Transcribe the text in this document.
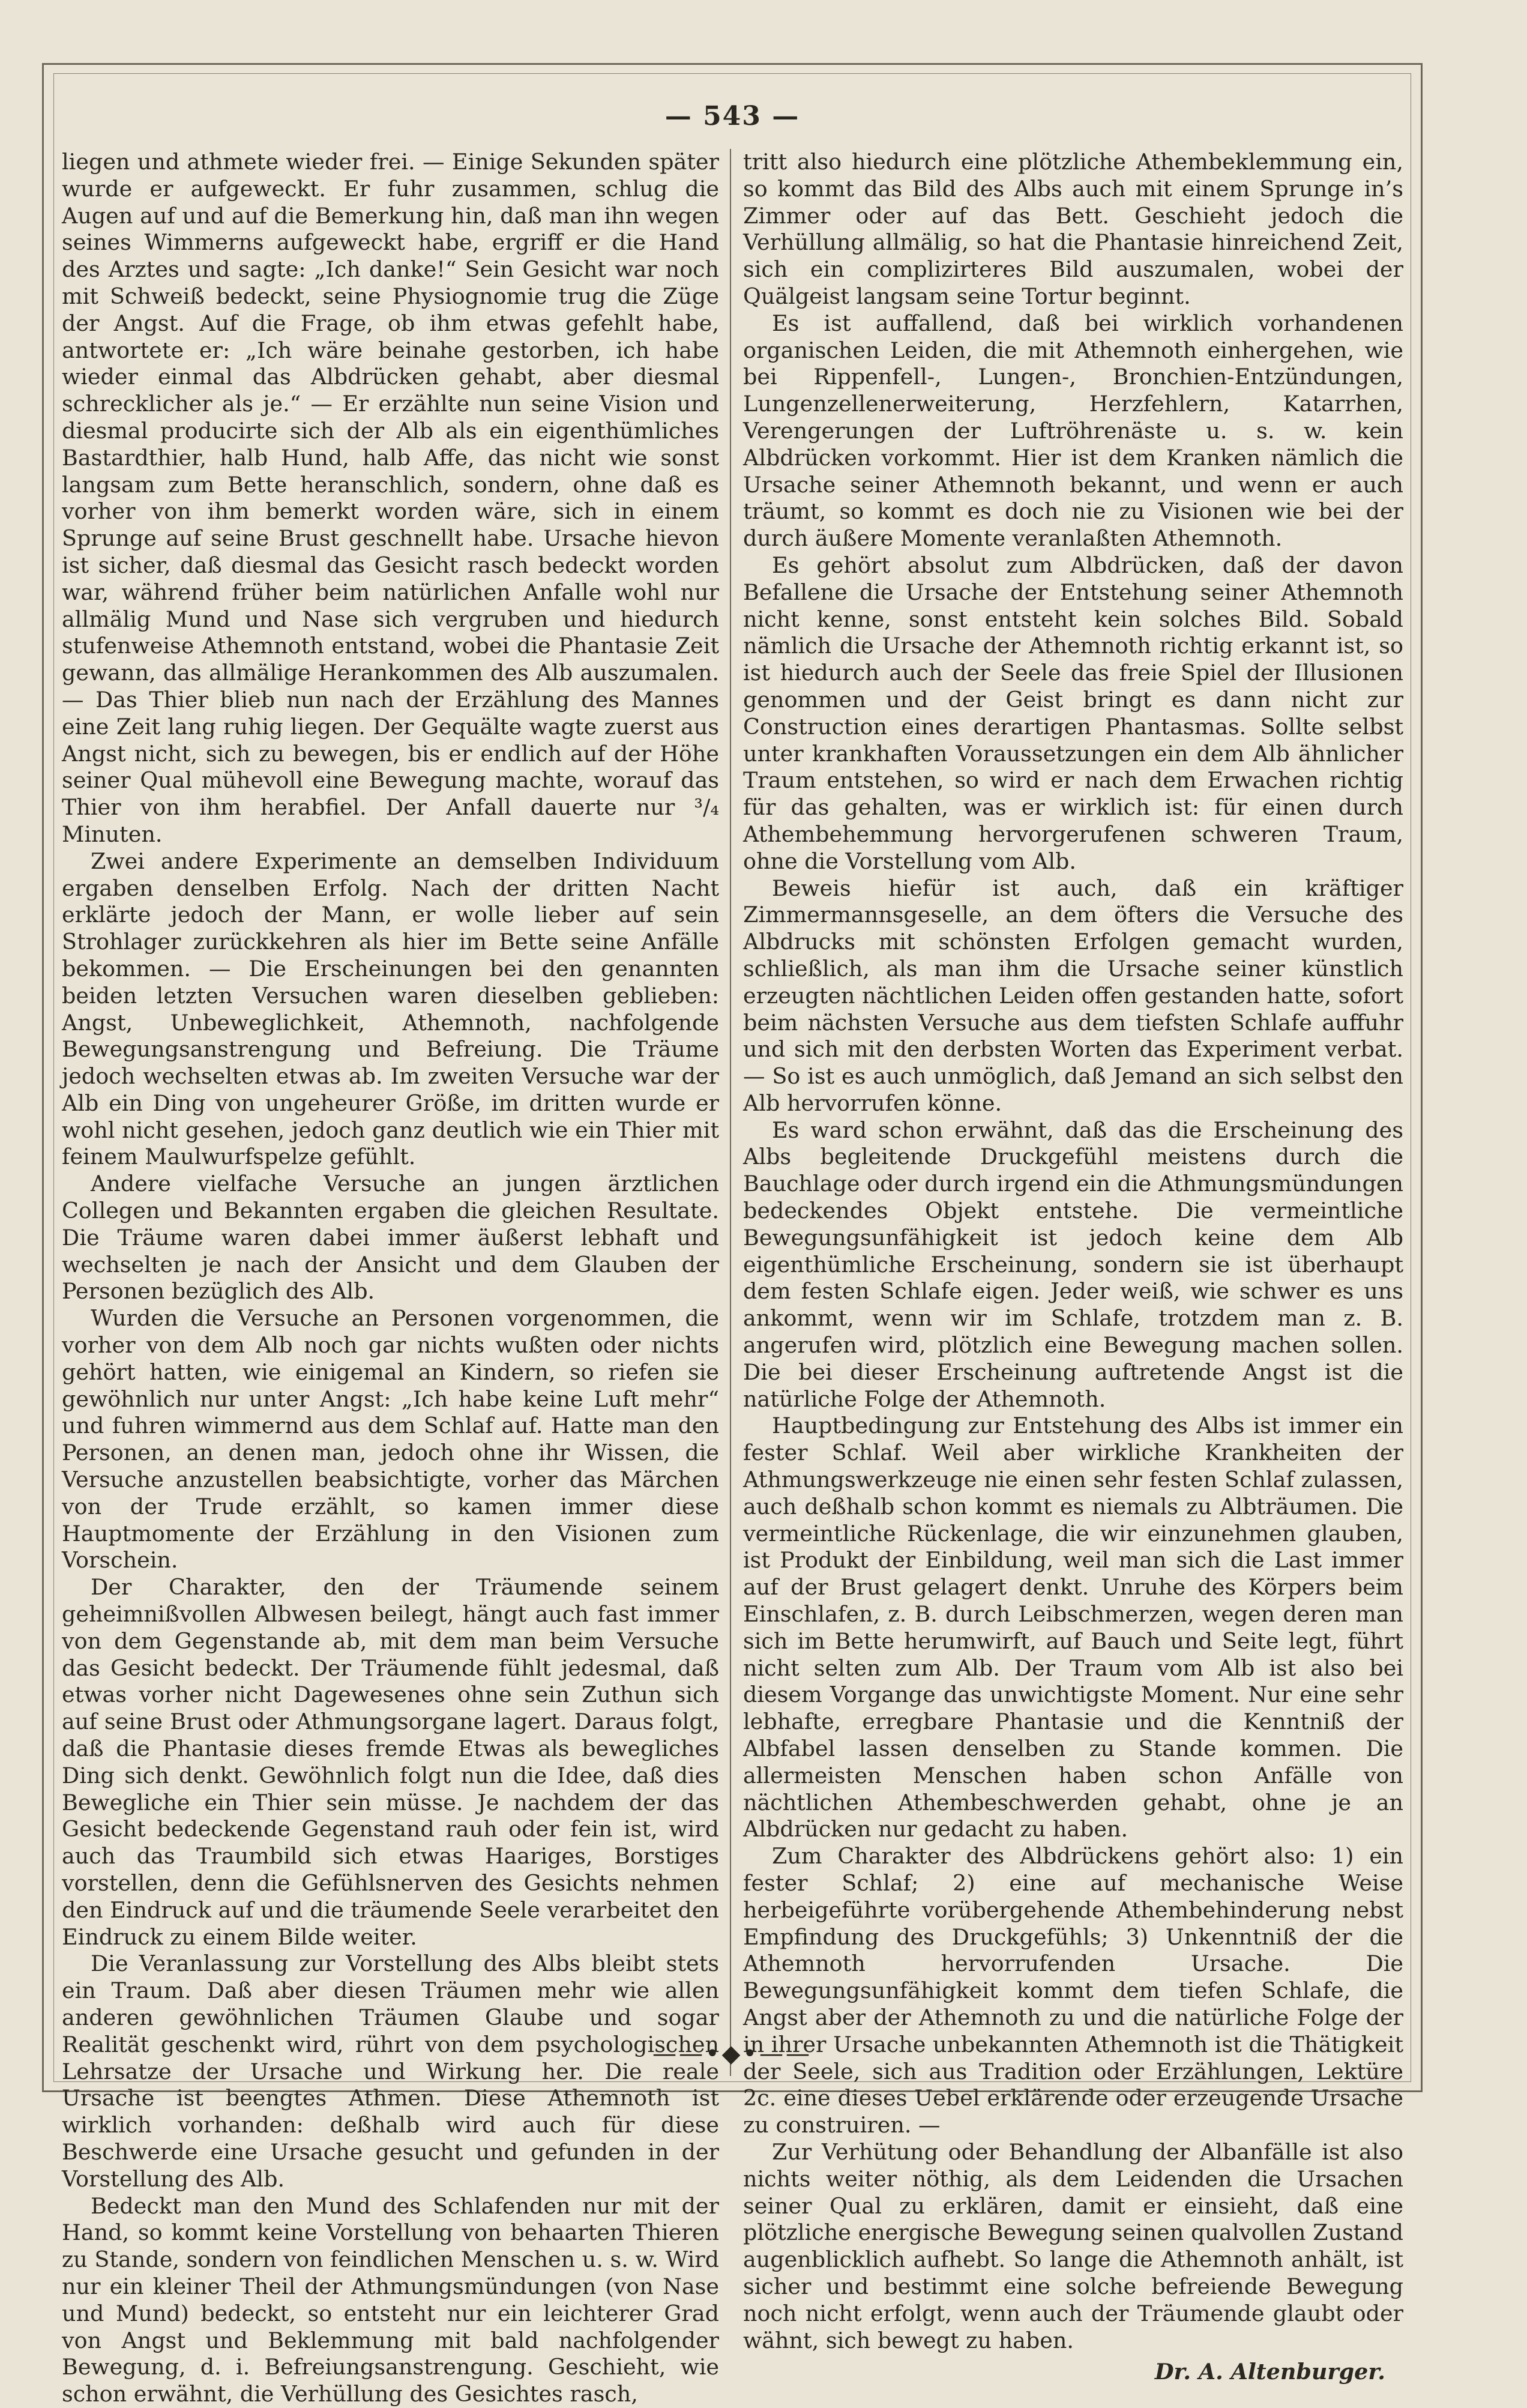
— 543 —

liegen und athmete wieder frei. — Einige Sekunden später wurde er aufgeweckt. Er fuhr zusammen, schlug die Augen auf und auf die Bemerkung hin, daß man ihn wegen seines Wimmerns aufgeweckt habe, ergriff er die Hand des Arztes und sagte: „Ich danke!“ Sein Gesicht war noch mit Schweiß bedeckt, seine Physiognomie trug die Züge der Angst. Auf die Frage, ob ihm etwas gefehlt habe, antwortete er: „Ich wäre beinahe gestorben, ich habe wieder einmal das Albdrücken gehabt, aber diesmal schrecklicher als je.“ — Er erzählte nun seine Vision und diesmal producirte sich der Alb als ein eigenthümliches Bastardthier, halb Hund, halb Affe, das nicht wie sonst langsam zum Bette heranschlich, sondern, ohne daß es vorher von ihm bemerkt worden wäre, sich in einem Sprunge auf seine Brust geschnellt habe. Ursache hievon ist sicher, daß diesmal das Gesicht rasch bedeckt worden war, während früher beim natürlichen Anfalle wohl nur allmälig Mund und Nase sich vergruben und hiedurch stufenweise Athemnoth entstand, wobei die Phantasie Zeit gewann, das allmälige Herankommen des Alb auszumalen. — Das Thier blieb nun nach der Erzählung des Mannes eine Zeit lang ruhig liegen. Der Gequälte wagte zuerst aus Angst nicht, sich zu bewegen, bis er endlich auf der Höhe seiner Qual mühevoll eine Bewegung machte, worauf das Thier von ihm herabfiel. Der Anfall dauerte nur ³/₄ Minuten.

Zwei andere Experimente an demselben Individuum ergaben denselben Erfolg. Nach der dritten Nacht erklärte jedoch der Mann, er wolle lieber auf sein Strohlager zurückkehren als hier im Bette seine Anfälle bekommen. — Die Erscheinungen bei den genannten beiden letzten Versuchen waren dieselben geblieben: Angst, Unbeweglichkeit, Athemnoth, nachfolgende Bewegungsanstrengung und Befreiung. Die Träume jedoch wechselten etwas ab. Im zweiten Versuche war der Alb ein Ding von ungeheurer Größe, im dritten wurde er wohl nicht gesehen, jedoch ganz deutlich wie ein Thier mit feinem Maulwurfspelze gefühlt.

Andere vielfache Versuche an jungen ärztlichen Collegen und Bekannten ergaben die gleichen Resultate. Die Träume waren dabei immer äußerst lebhaft und wechselten je nach der Ansicht und dem Glauben der Personen bezüglich des Alb.

Wurden die Versuche an Personen vorgenommen, die vorher von dem Alb noch gar nichts wußten oder nichts gehört hatten, wie einigemal an Kindern, so riefen sie gewöhnlich nur unter Angst: „Ich habe keine Luft mehr“ und fuhren wimmernd aus dem Schlaf auf. Hatte man den Personen, an denen man, jedoch ohne ihr Wissen, die Versuche anzustellen beabsichtigte, vorher das Märchen von der Trude erzählt, so kamen immer diese Hauptmomente der Erzählung in den Visionen zum Vorschein.

Der Charakter, den der Träumende seinem geheimnißvollen Albwesen beilegt, hängt auch fast immer von dem Gegenstande ab, mit dem man beim Versuche das Gesicht bedeckt. Der Träumende fühlt jedesmal, daß etwas vorher nicht Dagewesenes ohne sein Zuthun sich auf seine Brust oder Athmungsorgane lagert. Daraus folgt, daß die Phantasie dieses fremde Etwas als bewegliches Ding sich denkt. Gewöhnlich folgt nun die Idee, daß dies Bewegliche ein Thier sein müsse. Je nachdem der das Gesicht bedeckende Gegenstand rauh oder fein ist, wird auch das Traumbild sich etwas Haariges, Borstiges vorstellen, denn die Gefühlsnerven des Gesichts nehmen den Eindruck auf und die träumende Seele verarbeitet den Eindruck zu einem Bilde weiter.

Die Veranlassung zur Vorstellung des Albs bleibt stets ein Traum. Daß aber diesen Träumen mehr wie allen anderen gewöhnlichen Träumen Glaube und sogar Realität geschenkt wird, rührt von dem psychologischen Lehrsatze der Ursache und Wirkung her. Die reale Ursache ist beengtes Athmen. Diese Athemnoth ist wirklich vorhanden: deßhalb wird auch für diese Beschwerde eine Ursache gesucht und gefunden in der Vorstellung des Alb.

Bedeckt man den Mund des Schlafenden nur mit der Hand, so kommt keine Vorstellung von behaarten Thieren zu Stande, sondern von feindlichen Menschen u. s. w. Wird nur ein kleiner Theil der Athmungsmündungen (von Nase und Mund) bedeckt, so entsteht nur ein leichterer Grad von Angst und Beklemmung mit bald nachfolgender Bewegung, d. i. Befreiungsanstrengung. Geschieht, wie schon erwähnt, die Verhüllung des Gesichtes rasch,

tritt also hiedurch eine plötzliche Athembeklemmung ein, so kommt das Bild des Albs auch mit einem Sprunge in’s Zimmer oder auf das Bett. Geschieht jedoch die Verhüllung allmälig, so hat die Phantasie hinreichend Zeit, sich ein complizirteres Bild auszumalen, wobei der Quälgeist langsam seine Tortur beginnt.

Es ist auffallend, daß bei wirklich vorhandenen organischen Leiden, die mit Athemnoth einhergehen, wie bei Rippenfell-, Lungen-, Bronchien-Entzündungen, Lungenzellenerweiterung, Herzfehlern, Katarrhen, Verengerungen der Luftröhrenäste u. s. w. kein Albdrücken vorkommt. Hier ist dem Kranken nämlich die Ursache seiner Athemnoth bekannt, und wenn er auch träumt, so kommt es doch nie zu Visionen wie bei der durch äußere Momente veranlaßten Athemnoth.

Es gehört absolut zum Albdrücken, daß der davon Befallene die Ursache der Entstehung seiner Athemnoth nicht kenne, sonst entsteht kein solches Bild. Sobald nämlich die Ursache der Athemnoth richtig erkannt ist, so ist hiedurch auch der Seele das freie Spiel der Illusionen genommen und der Geist bringt es dann nicht zur Construction eines derartigen Phantasmas. Sollte selbst unter krankhaften Voraussetzungen ein dem Alb ähnlicher Traum entstehen, so wird er nach dem Erwachen richtig für das gehalten, was er wirklich ist: für einen durch Athembehemmung hervorgerufenen schweren Traum, ohne die Vorstellung vom Alb.

Beweis hiefür ist auch, daß ein kräftiger Zimmermannsgeselle, an dem öfters die Versuche des Albdrucks mit schönsten Erfolgen gemacht wurden, schließlich, als man ihm die Ursache seiner künstlich erzeugten nächtlichen Leiden offen gestanden hatte, sofort beim nächsten Versuche aus dem tiefsten Schlafe auffuhr und sich mit den derbsten Worten das Experiment verbat. — So ist es auch unmöglich, daß Jemand an sich selbst den Alb hervorrufen könne.

Es ward schon erwähnt, daß das die Erscheinung des Albs begleitende Druckgefühl meistens durch die Bauchlage oder durch irgend ein die Athmungsmündungen bedeckendes Objekt entstehe. Die vermeintliche Bewegungsunfähigkeit ist jedoch keine dem Alb eigenthümliche Erscheinung, sondern sie ist überhaupt dem festen Schlafe eigen. Jeder weiß, wie schwer es uns ankommt, wenn wir im Schlafe, trotzdem man z. B. angerufen wird, plötzlich eine Bewegung machen sollen. Die bei dieser Erscheinung auftretende Angst ist die natürliche Folge der Athemnoth.

Hauptbedingung zur Entstehung des Albs ist immer ein fester Schlaf. Weil aber wirkliche Krankheiten der Athmungswerkzeuge nie einen sehr festen Schlaf zulassen, auch deßhalb schon kommt es niemals zu Albträumen. Die vermeintliche Rückenlage, die wir einzunehmen glauben, ist Produkt der Einbildung, weil man sich die Last immer auf der Brust gelagert denkt. Unruhe des Körpers beim Einschlafen, z. B. durch Leibschmerzen, wegen deren man sich im Bette herumwirft, auf Bauch und Seite legt, führt nicht selten zum Alb. Der Traum vom Alb ist also bei diesem Vorgange das unwichtigste Moment. Nur eine sehr lebhafte, erregbare Phantasie und die Kenntniß der Albfabel lassen denselben zu Stande kommen. Die allermeisten Menschen haben schon Anfälle von nächtlichen Athembeschwerden gehabt, ohne je an Albdrücken nur gedacht zu haben.

Zum Charakter des Albdrückens gehört also: 1) ein fester Schlaf; 2) eine auf mechanische Weise herbeigeführte vorübergehende Athembehinderung nebst Empfindung des Druckgefühls; 3) Unkenntniß der die Athemnoth hervorrufenden Ursache. Die Bewegungsunfähigkeit kommt dem tiefen Schlafe, die Angst aber der Athemnoth zu und die natürliche Folge der in ihrer Ursache unbekannten Athemnoth ist die Thätigkeit der Seele, sich aus Tradition oder Erzählungen, Lektüre 2c. eine dieses Uebel erklärende oder erzeugende Ursache zu construiren. —

Zur Verhütung oder Behandlung der Albanfälle ist also nichts weiter nöthig, als dem Leidenden die Ursachen seiner Qual zu erklären, damit er einsieht, daß eine plötzliche energische Bewegung seinen qualvollen Zustand augenblicklich aufhebt. So lange die Athemnoth anhält, ist sicher und bestimmt eine solche befreiende Bewegung noch nicht erfolgt, wenn auch der Träumende glaubt oder wähnt, sich bewegt zu haben.

Dr. A. Altenburger.
——•◆•——
